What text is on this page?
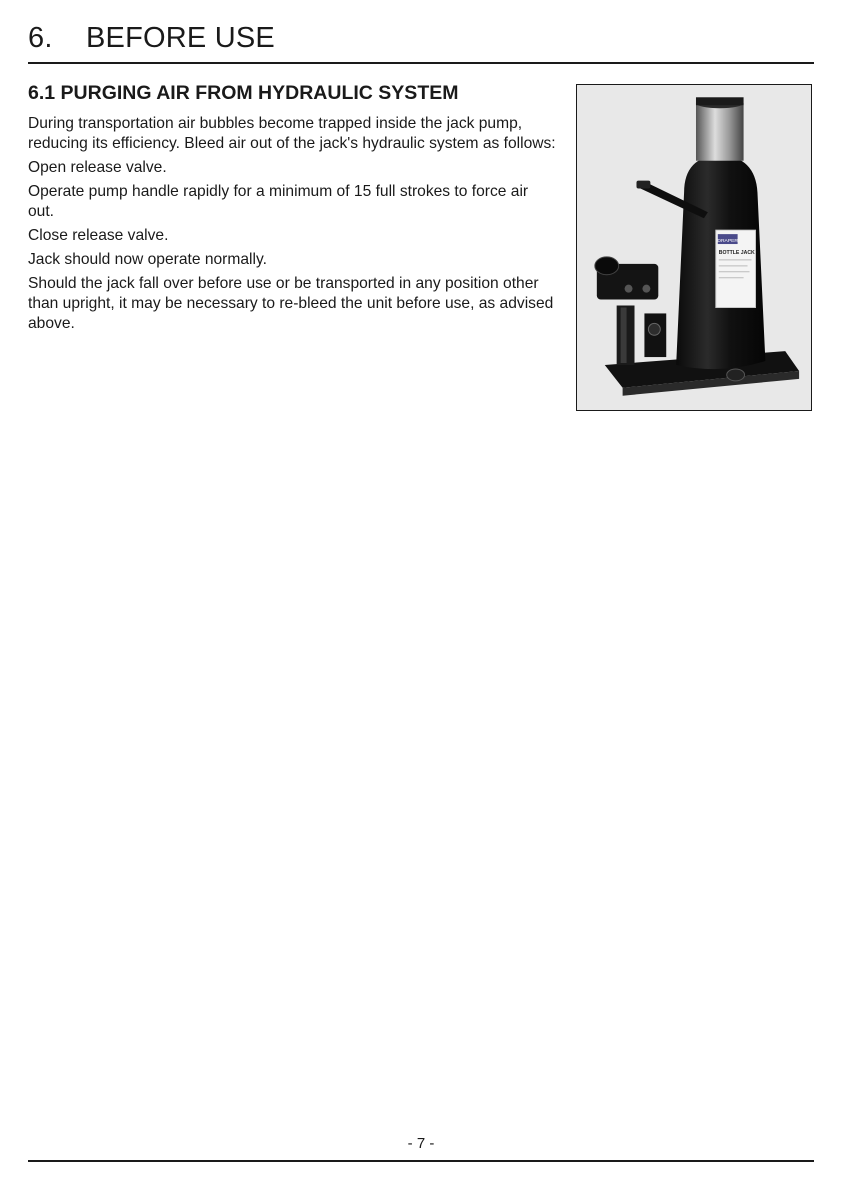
6. BEFORE USE
6.1 PURGING AIR FROM HYDRAULIC SYSTEM

During transportation air bubbles become trapped inside the jack pump, reducing its efficiency. Bleed air out of the jack's hydraulic system as follows:

Open release valve.

Operate pump handle rapidly for a minimum of 15 full strokes to force air out.

Close release valve.

Jack should now operate normally.

Should the jack fall over before use or be transported in any position other than upright, it may be necessary to re-bleed the unit before use, as advised above.

DRAPER
BOTTLE JACK
- 7 -
